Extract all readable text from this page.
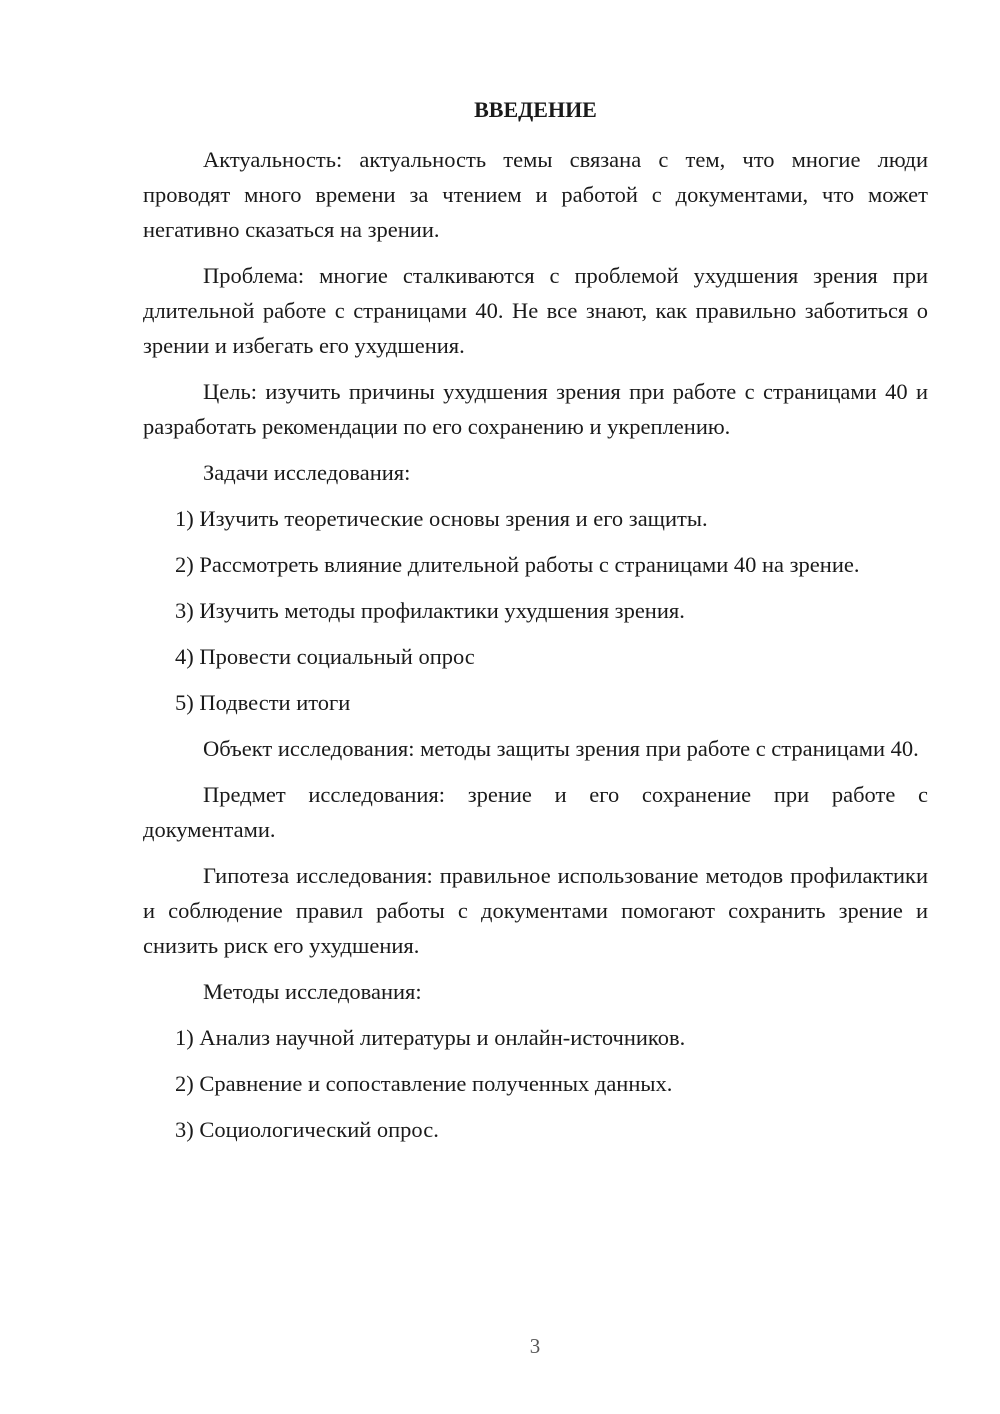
ВВЕДЕНИЕ

Актуальность: актуальность темы связана с тем, что многие люди проводят много времени за чтением и работой с документами, что может негативно сказаться на зрении.

Проблема: многие сталкиваются с проблемой ухудшения зрения при длительной работе с страницами 40. Не все знают, как правильно заботиться о зрении и избегать его ухудшения.

Цель: изучить причины ухудшения зрения при работе с страницами 40 и разработать рекомендации по его сохранению и укреплению.

Задачи исследования:

1) Изучить теоретические основы зрения и его защиты.
2) Рассмотреть влияние длительной работы с страницами 40 на зрение.
3) Изучить методы профилактики ухудшения зрения.
4) Провести социальный опрос
5) Подвести итоги

Объект исследования: методы защиты зрения при работе с страницами 40.

Предмет исследования: зрение и его сохранение при работе с документами.

Гипотеза исследования: правильное использование методов профилактики и соблюдение правил работы с документами помогают сохранить зрение и снизить риск его ухудшения.

Методы исследования:

1) Анализ научной литературы и онлайн-источников.
2) Сравнение и сопоставление полученных данных.
3) Социологический опрос.
3
